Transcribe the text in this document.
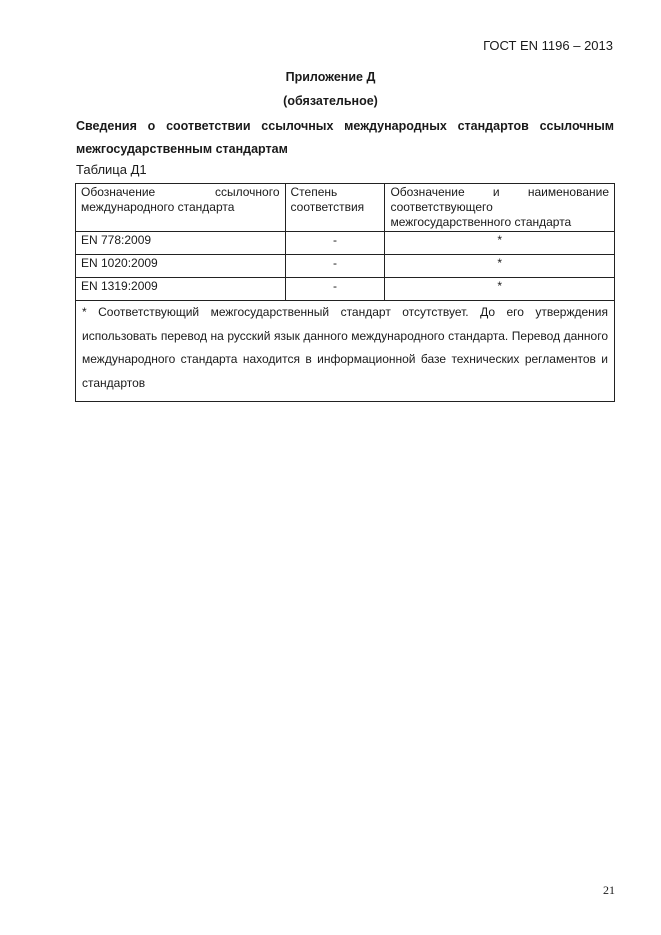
ГОСТ EN 1196 – 2013
Приложение Д
(обязательное)
Сведения о соответствии ссылочных международных стандартов ссылочным межгосударственным стандартам
Таблица Д1
Обозначение ссылочного международного стандарта	Степень соответствия	Обозначение и наименование соответствующего межгосударственного стандарта
EN 778:2009	-	*
EN 1020:2009	-	*
EN 1319:2009	-	*
* Соответствующий межгосударственный стандарт отсутствует. До его утверждения использовать перевод на русский язык данного международного стандарта. Перевод данного международного стандарта находится в информационной базе технических регламентов и стандартов		
21
